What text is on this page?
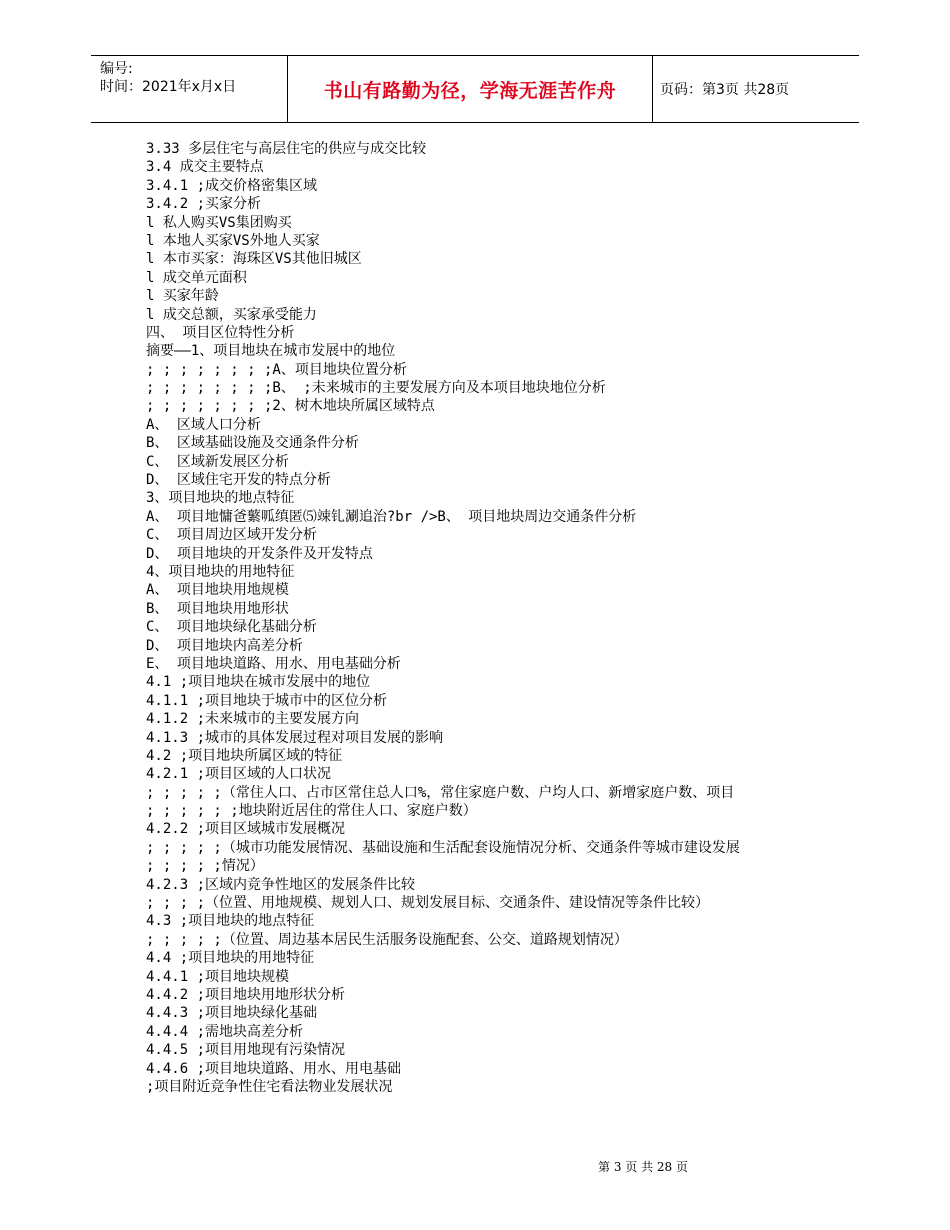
编号:
时间：2021年x月x日	书山有路勤为径，学海无涯苦作舟	页码：第3页 共28页
3.33 多层住宅与高层住宅的供应与成交比较
3.4 成交主要特点
3.4.1 ;成交价格密集区域
3.4.2 ;买家分析
l 私人购买VS集团购买
l 本地人买家VS外地人买家
l 本市买家：海珠区VS其他旧城区
l 成交单元面积
l 买家年龄
l 成交总额，买家承受能力
四、 项目区位特性分析
摘要——1、项目地块在城市发展中的地位
; ; ; ; ; ; ; ;A、项目地块位置分析
; ; ; ; ; ; ; ;B、 ;未来城市的主要发展方向及本项目地块地位分析
; ; ; ; ; ; ; ;2、树木地块所属区域特点
A、 区域人口分析
B、 区域基础设施及交通条件分析
C、 区域新发展区分析
D、 区域住宅开发的特点分析
3、项目地块的地点特征
A、 项目地慵爸蘩呱缜匿⑸竦钆涮追治?br />B、 项目地块周边交通条件分析
C、 项目周边区域开发分析
D、 项目地块的开发条件及开发特点
4、项目地块的用地特征
A、 项目地块用地规模
B、 项目地块用地形状
C、 项目地块绿化基础分析
D、 项目地块内高差分析
E、 项目地块道路、用水、用电基础分析
4.1 ;项目地块在城市发展中的地位
4.1.1 ;项目地块于城市中的区位分析
4.1.2 ;未来城市的主要发展方向
4.1.3 ;城市的具体发展过程对项目发展的影响
4.2 ;项目地块所属区域的特征
4.2.1 ;项目区域的人口状况
; ; ; ; ;（常住人口、占市区常住总人口%，常住家庭户数、户均人口、新增家庭户数、项目
; ; ; ; ; ;地块附近居住的常住人口、家庭户数）
4.2.2 ;项目区域城市发展概况
; ; ; ; ;（城市功能发展情况、基础设施和生活配套设施情况分析、交通条件等城市建设发展
; ; ; ; ;情况）
4.2.3 ;区域内竞争性地区的发展条件比较
; ; ; ;（位置、用地规模、规划人口、规划发展目标、交通条件、建设情况等条件比较）
4.3 ;项目地块的地点特征
; ; ; ; ;（位置、周边基本居民生活服务设施配套、公交、道路规划情况）
4.4 ;项目地块的用地特征
4.4.1 ;项目地块规模
4.4.2 ;项目地块用地形状分析
4.4.3 ;项目地块绿化基础
4.4.4 ;需地块高差分析
4.4.5 ;项目用地现有污染情况
4.4.6 ;项目地块道路、用水、用电基础
;项目附近竞争性住宅看法物业发展状况
第 3 页 共 28 页
